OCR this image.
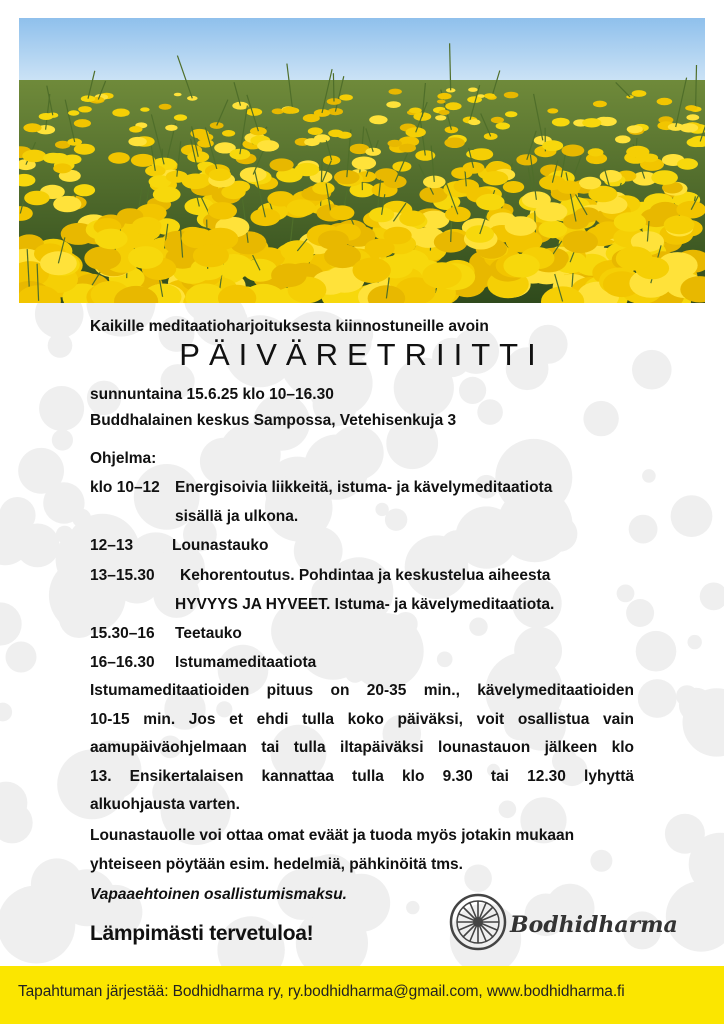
Kaikille meditaatioharjoituksesta kiinnostuneille avoin
PÄIVÄRETRIITTI
sunnuntaina 15.6.25 klo 10–16.30
Buddhalainen keskus Sampossa, Vetehisenkuja 3
Ohjelma:
klo 10–12 Energisoivia liikkeitä, istuma- ja kävelymeditaatiota
sisällä ja ulkona.
12–13	Lounastauko
13–15.30 Kehorentoutus. Pohdintaa ja keskustelua aiheesta
HYVYYS JA HYVEET. Istuma- ja kävelymeditaatiota.
15.30–16 Teetauko
16–16.30 Istumameditaatiota
Istumameditaatioiden pituus on 20-35 min., kävelymeditaatioiden
10-15 min. Jos et ehdi tulla koko päiväksi, voit osallistua vain
aamupäiväohjelmaan tai tulla iltapäiväksi lounastauon jälkeen klo
13. Ensikertalaisen kannattaa tulla klo 9.30 tai 12.30 lyhyttä
alkuohjausta varten.
Lounastauolle voi ottaa omat eväät ja tuoda myös jotakin mukaan
yhteiseen pöytään esim. hedelmiä, pähkinöitä tms.
Vapaaehtoinen osallistumismaksu.
Lämpimästi tervetuloa!	Bodhidharma
Tapahtuman järjestää: Bodhidharma ry, ry.bodhidharma@gmail.com, www.bodhidharma.fi
